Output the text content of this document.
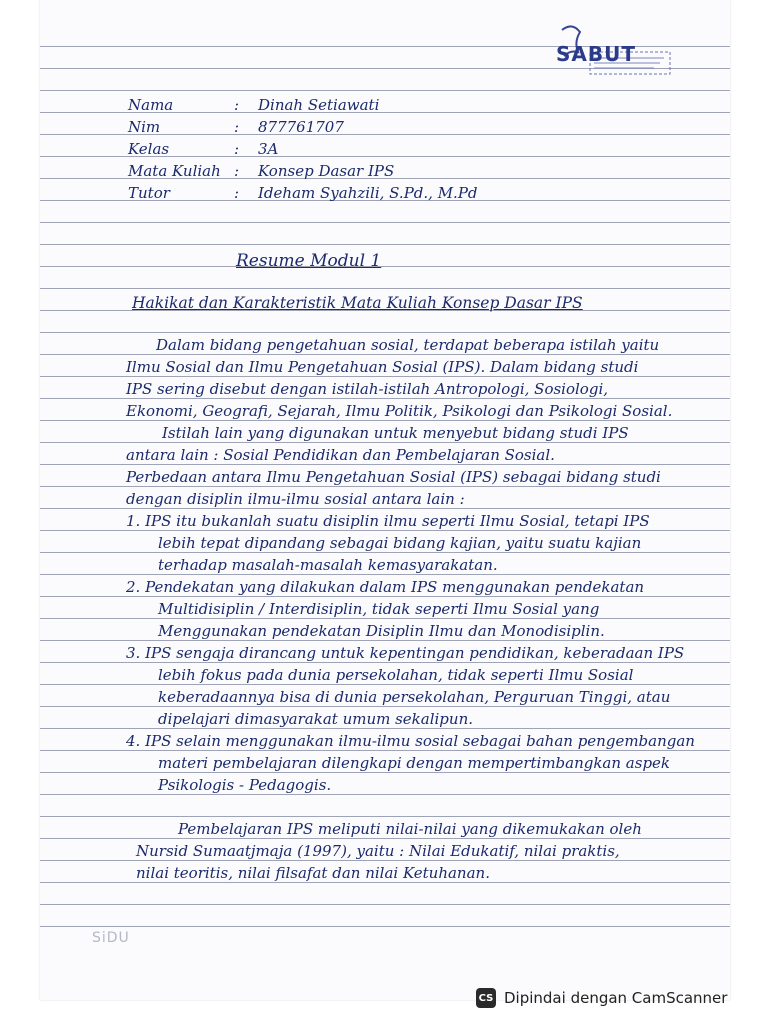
SABUT
Nama	: Dinah Setiawati
Nim	: 877761707
Kelas	: 3A
Mata Kuliah : Konsep Dasar IPS
Tutor	: Ideham Syahzili, S.Pd., M.Pd
Resume Modul 1
Hakikat dan Karakteristik Mata Kuliah Konsep Dasar IPS
Dalam bidang pengetahuan sosial, terdapat beberapa istilah yaitu
Ilmu Sosial dan Ilmu Pengetahuan Sosial (IPS). Dalam bidang studi
IPS sering disebut dengan istilah-istilah Antropologi, Sosiologi,
Ekonomi, Geografi, Sejarah, Ilmu Politik, Psikologi dan Psikologi Sosial.
Istilah lain yang digunakan untuk menyebut bidang studi IPS
antara lain : Sosial Pendidikan dan Pembelajaran Sosial.
Perbedaan antara Ilmu Pengetahuan Sosial (IPS) sebagai bidang studi
dengan disiplin ilmu-ilmu sosial antara lain :
1. IPS itu bukanlah suatu disiplin ilmu seperti Ilmu Sosial, tetapi IPS
lebih tepat dipandang sebagai bidang kajian, yaitu suatu kajian
terhadap masalah-masalah kemasyarakatan.
2. Pendekatan yang dilakukan dalam IPS menggunakan pendekatan
Multidisiplin / Interdisiplin, tidak seperti Ilmu Sosial yang
Menggunakan pendekatan Disiplin Ilmu dan Monodisiplin.
3. IPS sengaja dirancang untuk kepentingan pendidikan, keberadaan IPS
lebih fokus pada dunia persekolahan, tidak seperti Ilmu Sosial
keberadaannya bisa di dunia persekolahan, Perguruan Tinggi, atau
dipelajari dimasyarakat umum sekalipun.
4. IPS selain menggunakan ilmu-ilmu sosial sebagai bahan pengembangan
materi pembelajaran dilengkapi dengan mempertimbangkan aspek
Psikologis - Pedagogis.
Pembelajaran IPS meliputi nilai-nilai yang dikemukakan oleh
Nursid Sumaatjmaja (1997), yaitu : Nilai Edukatif, nilai praktis,
nilai teoritis, nilai filsafat dan nilai Ketuhanan.
SiDU
CS Dipindai dengan CamScanner
